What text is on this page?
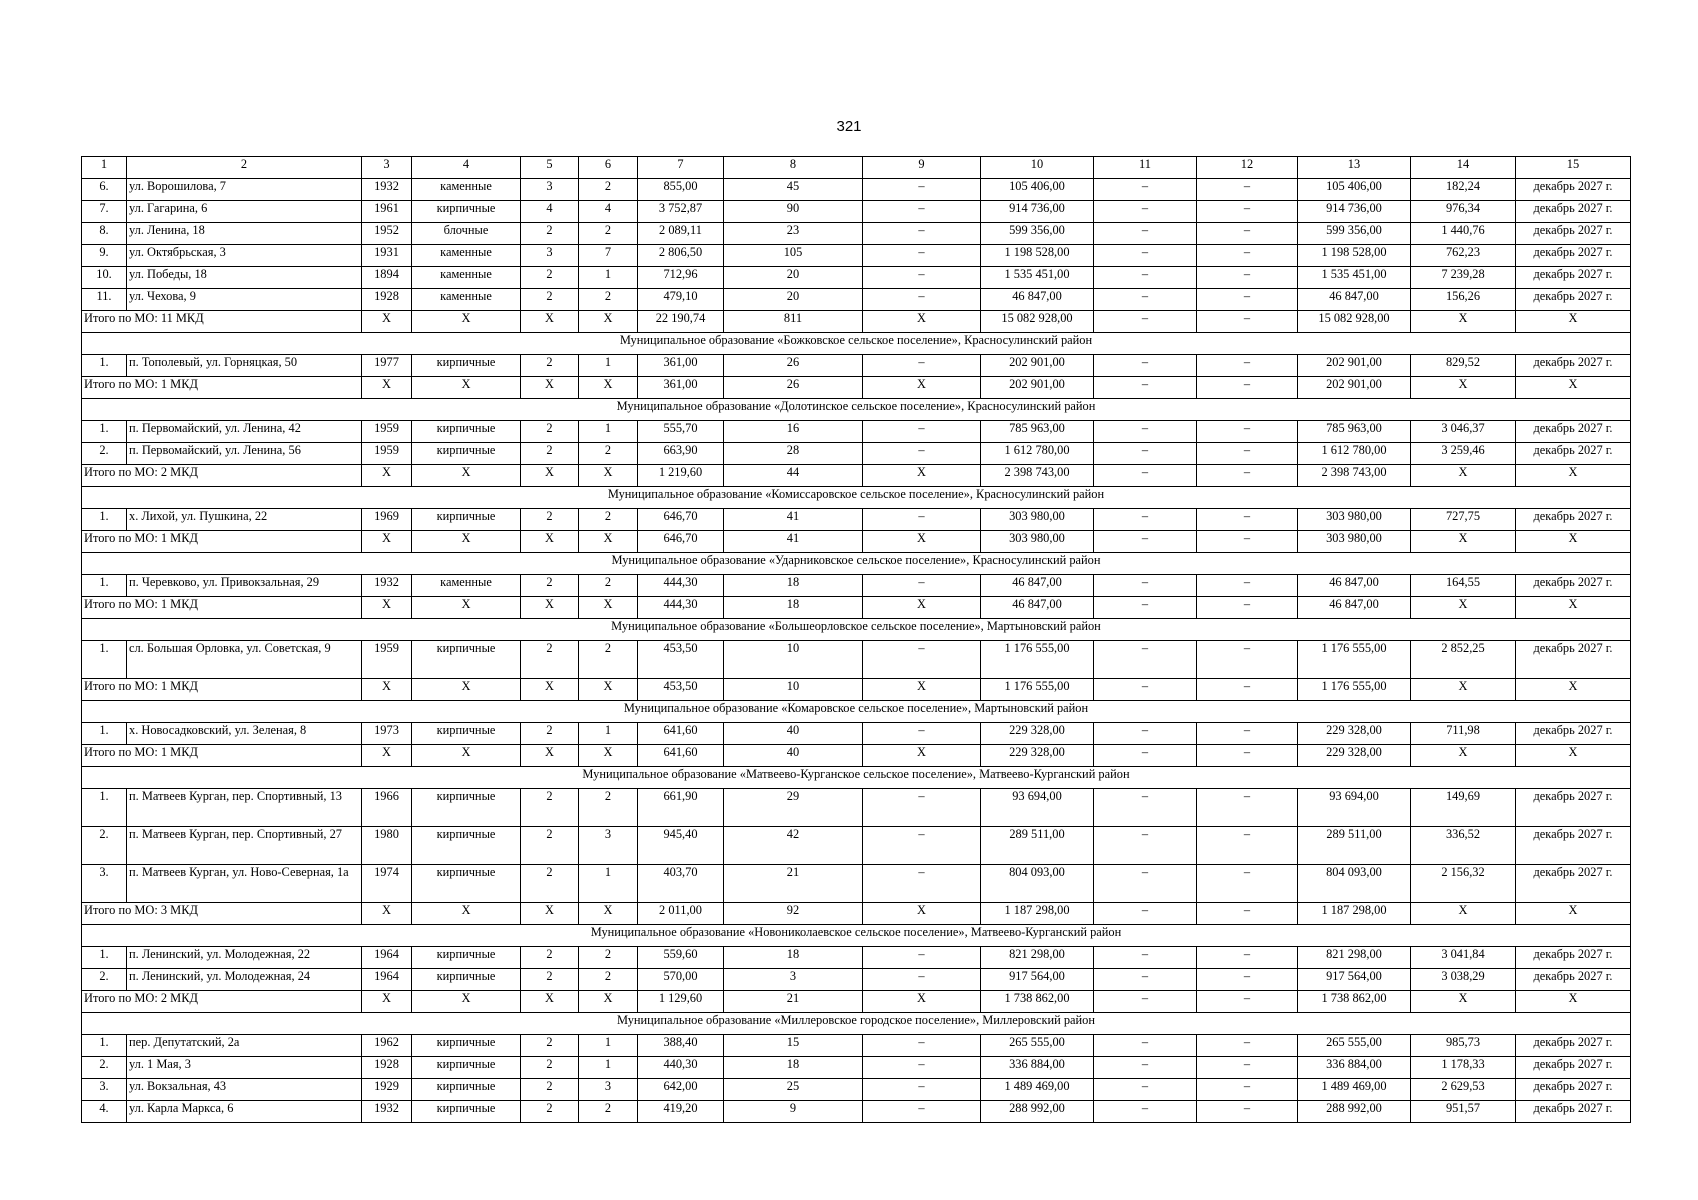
321
1	2	3	4	5	6	7	8	9	10	11	12	13	14	15
6.	ул. Ворошилова, 7	1932	каменные	3	2	855,00	45	–	105 406,00	–	–	105 406,00	182,24	декабрь 2027 г.
7.	ул. Гагарина, 6	1961	кирпичные	4	4	3 752,87	90	–	914 736,00	–	–	914 736,00	976,34	декабрь 2027 г.
8.	ул. Ленина, 18	1952	блочные	2	2	2 089,11	23	–	599 356,00	–	–	599 356,00	1 440,76	декабрь 2027 г.
9.	ул. Октябрьская, 3	1931	каменные	3	7	2 806,50	105	–	1 198 528,00	–	–	1 198 528,00	762,23	декабрь 2027 г.
10.	ул. Победы, 18	1894	каменные	2	1	712,96	20	–	1 535 451,00	–	–	1 535 451,00	7 239,28	декабрь 2027 г.
11.	ул. Чехова, 9	1928	каменные	2	2	479,10	20	–	46 847,00	–	–	46 847,00	156,26	декабрь 2027 г.
Итого по МО: 11 МКД		X	X	X	X	22 190,74	811	X	15 082 928,00	–	–	15 082 928,00	X	X
Муниципальное образование «Божковское сельское поселение», Красносулинский район														
1.	п. Тополевый, ул. Горняцкая, 50	1977	кирпичные	2	1	361,00	26	–	202 901,00	–	–	202 901,00	829,52	декабрь 2027 г.
Итого по МО: 1 МКД		X	X	X	X	361,00	26	X	202 901,00	–	–	202 901,00	X	X
Муниципальное образование «Долотинское сельское поселение», Красносулинский район														
1.	п. Первомайский, ул. Ленина, 42	1959	кирпичные	2	1	555,70	16	–	785 963,00	–	–	785 963,00	3 046,37	декабрь 2027 г.
2.	п. Первомайский, ул. Ленина, 56	1959	кирпичные	2	2	663,90	28	–	1 612 780,00	–	–	1 612 780,00	3 259,46	декабрь 2027 г.
Итого по МО: 2 МКД		X	X	X	X	1 219,60	44	X	2 398 743,00	–	–	2 398 743,00	X	X
Муниципальное образование «Комиссаровское сельское поселение», Красносулинский район														
1.	х. Лихой, ул. Пушкина, 22	1969	кирпичные	2	2	646,70	41	–	303 980,00	–	–	303 980,00	727,75	декабрь 2027 г.
Итого по МО: 1 МКД		X	X	X	X	646,70	41	X	303 980,00	–	–	303 980,00	X	X
Муниципальное образование «Ударниковское сельское поселение», Красносулинский район														
1.	п. Черевково, ул. Привокзальная, 29	1932	каменные	2	2	444,30	18	–	46 847,00	–	–	46 847,00	164,55	декабрь 2027 г.
Итого по МО: 1 МКД		X	X	X	X	444,30	18	X	46 847,00	–	–	46 847,00	X	X
Муниципальное образование «Большеорловское сельское поселение», Мартыновский район														
1.	сл. Большая Орловка, ул. Советская, 9	1959	кирпичные	2	2	453,50	10	–	1 176 555,00	–	–	1 176 555,00	2 852,25	декабрь 2027 г.
Итого по МО: 1 МКД		X	X	X	X	453,50	10	X	1 176 555,00	–	–	1 176 555,00	X	X
Муниципальное образование «Комаровское сельское поселение», Мартыновский район														
1.	х. Новосадковский, ул. Зеленая, 8	1973	кирпичные	2	1	641,60	40	–	229 328,00	–	–	229 328,00	711,98	декабрь 2027 г.
Итого по МО: 1 МКД		X	X	X	X	641,60	40	X	229 328,00	–	–	229 328,00	X	X
Муниципальное образование «Матвеево-Курганское сельское поселение», Матвеево-Курганский район														
1.	п. Матвеев Курган, пер. Спортивный, 13	1966	кирпичные	2	2	661,90	29	–	93 694,00	–	–	93 694,00	149,69	декабрь 2027 г.
2.	п. Матвеев Курган, пер. Спортивный, 27	1980	кирпичные	2	3	945,40	42	–	289 511,00	–	–	289 511,00	336,52	декабрь 2027 г.
3.	п. Матвеев Курган, ул. Ново-Северная, 1а	1974	кирпичные	2	1	403,70	21	–	804 093,00	–	–	804 093,00	2 156,32	декабрь 2027 г.
Итого по МО: 3 МКД		X	X	X	X	2 011,00	92	X	1 187 298,00	–	–	1 187 298,00	X	X
Муниципальное образование «Новониколаевское сельское поселение», Матвеево-Курганский район														
1.	п. Ленинский, ул. Молодежная, 22	1964	кирпичные	2	2	559,60	18	–	821 298,00	–	–	821 298,00	3 041,84	декабрь 2027 г.
2.	п. Ленинский, ул. Молодежная, 24	1964	кирпичные	2	2	570,00	3	–	917 564,00	–	–	917 564,00	3 038,29	декабрь 2027 г.
Итого по МО: 2 МКД		X	X	X	X	1 129,60	21	X	1 738 862,00	–	–	1 738 862,00	X	X
Муниципальное образование «Миллеровское городское поселение», Миллеровский район														
1.	пер. Депутатский, 2а	1962	кирпичные	2	1	388,40	15	–	265 555,00	–	–	265 555,00	985,73	декабрь 2027 г.
2.	ул. 1 Мая, 3	1928	кирпичные	2	1	440,30	18	–	336 884,00	–	–	336 884,00	1 178,33	декабрь 2027 г.
3.	ул. Вокзальная, 43	1929	кирпичные	2	3	642,00	25	–	1 489 469,00	–	–	1 489 469,00	2 629,53	декабрь 2027 г.
4.	ул. Карла Маркса, 6	1932	кирпичные	2	2	419,20	9	–	288 992,00	–	–	288 992,00	951,57	декабрь 2027 г.
